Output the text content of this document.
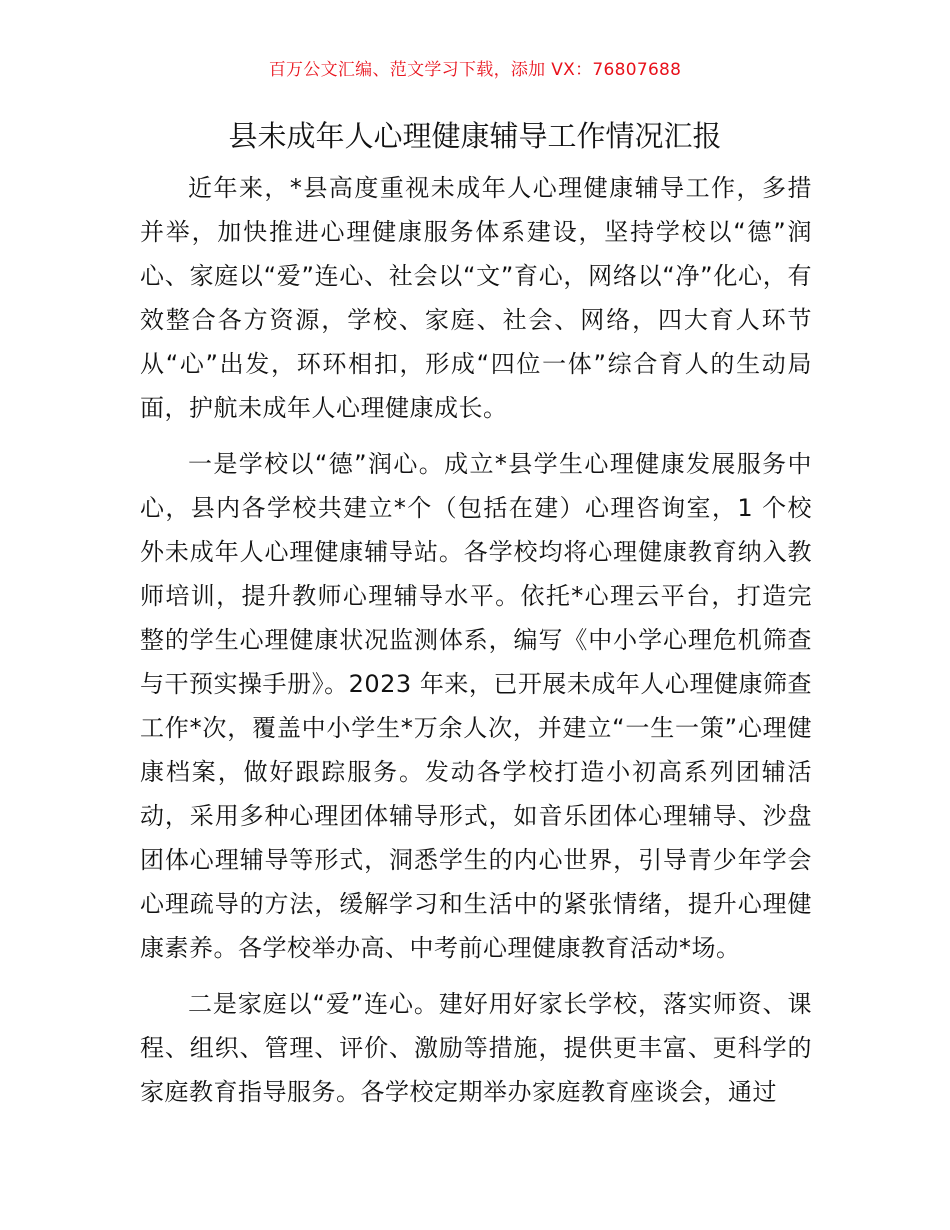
百万公文汇编、范文学习下载，添加 VX：76807688
县未成年人心理健康辅导工作情况汇报

近年来，*县高度重视未成年人心理健康辅导工作，多措并举，加快推进心理健康服务体系建设，坚持学校以“德”润心、家庭以“爱”连心、社会以“文”育心，网络以“净”化心，有效整合各方资源，学校、家庭、社会、网络，四大育人环节从“心”出发，环环相扣，形成“四位一体”综合育人的生动局面，护航未成年人心理健康成长。

一是学校以“德”润心。成立*县学生心理健康发展服务中心，县内各学校共建立*个（包括在建）心理咨询室，1 个校外未成年人心理健康辅导站。各学校均将心理健康教育纳入教师培训，提升教师心理辅导水平。依托*心理云平台，打造完整的学生心理健康状况监测体系，编写《中小学心理危机筛查与干预实操手册》。2023 年来，已开展未成年人心理健康筛查工作*次，覆盖中小学生*万余人次，并建立“一生一策”心理健康档案，做好跟踪服务。发动各学校打造小初高系列团辅活动，采用多种心理团体辅导形式，如音乐团体心理辅导、沙盘团体心理辅导等形式，洞悉学生的内心世界，引导青少年学会心理疏导的方法，缓解学习和生活中的紧张情绪，提升心理健康素养。各学校举办高、中考前心理健康教育活动*场。

二是家庭以“爱”连心。建好用好家长学校，落实师资、课程、组织、管理、评价、激励等措施，提供更丰富、更科学的家庭教育指导服务。各学校定期举办家庭教育座谈会，通过
